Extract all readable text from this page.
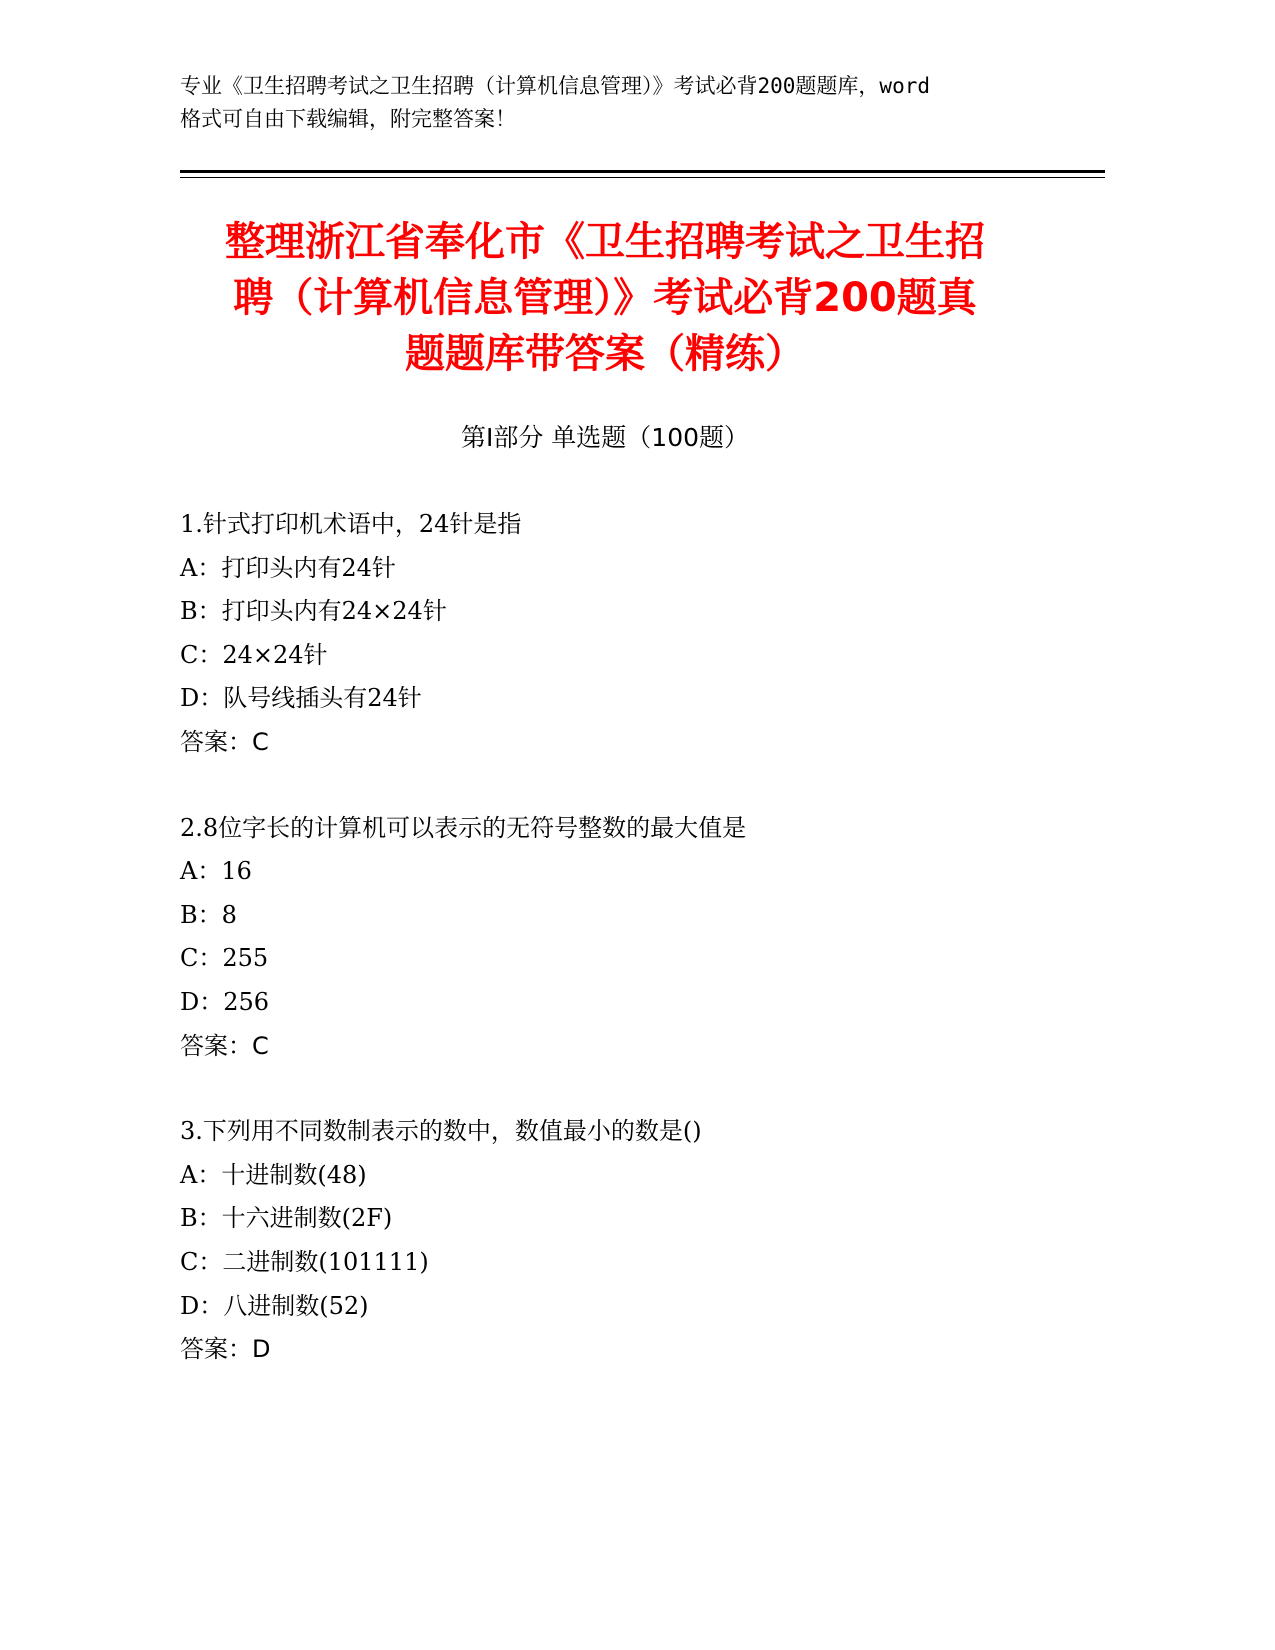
专业《卫生招聘考试之卫生招聘（计算机信息管理）》考试必背200题题库，word
格式可自由下载编辑，附完整答案！
整理浙江省奉化市《卫生招聘考试之卫生招
聘（计算机信息管理）》考试必背200题真
题题库带答案（精练）
第Ⅰ部分 单选题（100题）
1.针式打印机术语中，24针是指
A：打印头内有24针
B：打印头内有24×24针
C：24×24针
D：队号线插头有24针
答案：C
2.8位字长的计算机可以表示的无符号整数的最大值是
A：16
B：8
C：255
D：256
答案：C
3.下列用不同数制表示的数中，数值最小的数是()
A：十进制数(48)
B：十六进制数(2F)
C：二进制数(101111)
D：八进制数(52)
答案：D
